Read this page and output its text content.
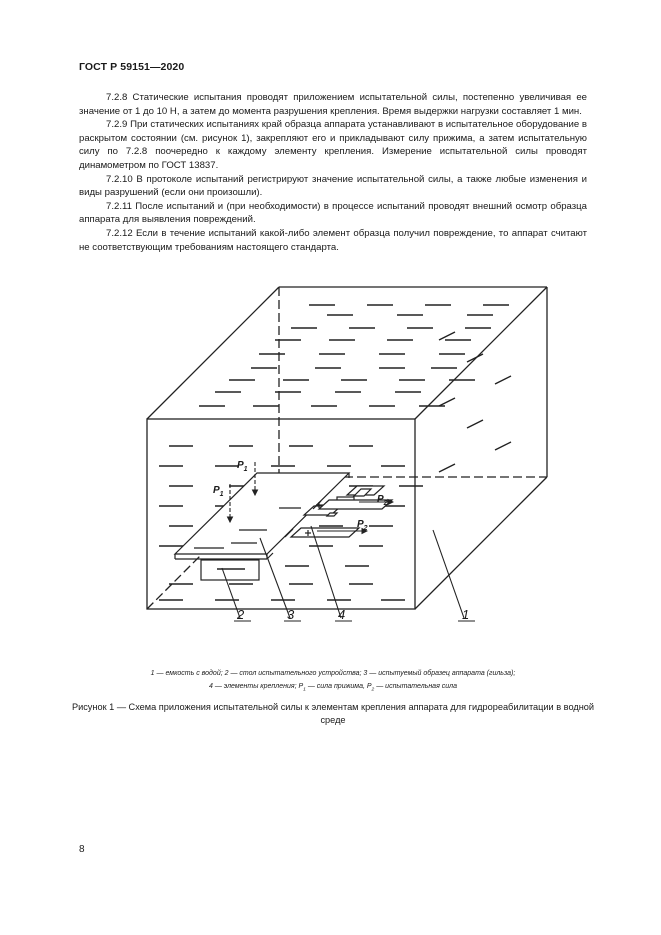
ГОСТ Р 59151—2020

7.2.8 Статические испытания проводят приложением испытательной силы, постепенно увеличивая ее значение от 1 до 10 Н, а затем до момента разрушения крепления. Время выдержки нагрузки составляет 1 мин.

7.2.9 При статических испытаниях край образца аппарата устанавливают в испытательное оборудование в раскрытом состоянии (см. рисунок 1), закрепляют его и прикладывают силу прижима, а затем испытательную силу по 7.2.8 поочередно к каждому элементу крепления. Измерение испытательной силы проводят динамометром по ГОСТ 13837.

7.2.10 В протоколе испытаний регистрируют значение испытательной силы, а также любые изменения и виды разрушений (если они произошли).

7.2.11 После испытаний и (при необходимости) в процессе испытаний проводят внешний осмотр образца аппарата для выявления повреждений.

7.2.12 Если в течение испытаний какой-либо элемент образца получил повреждение, то аппарат считают не соответствующим требованиям настоящего стандарта.

$P_1$
$P_1$
$P_2$
$P_2$
2	3	4	1
1 — емкость с водой; 2 — стол испытательного устройства; 3 — испытуемый образец аппарата (гильза);
4 — элементы крепления; $P_1$ — сила прижима, $P_2$ — испытательная сила
Рисунок 1 — Схема приложения испытательной силы к элементам крепления аппарата для гидрореабилитации в водной среде
8
